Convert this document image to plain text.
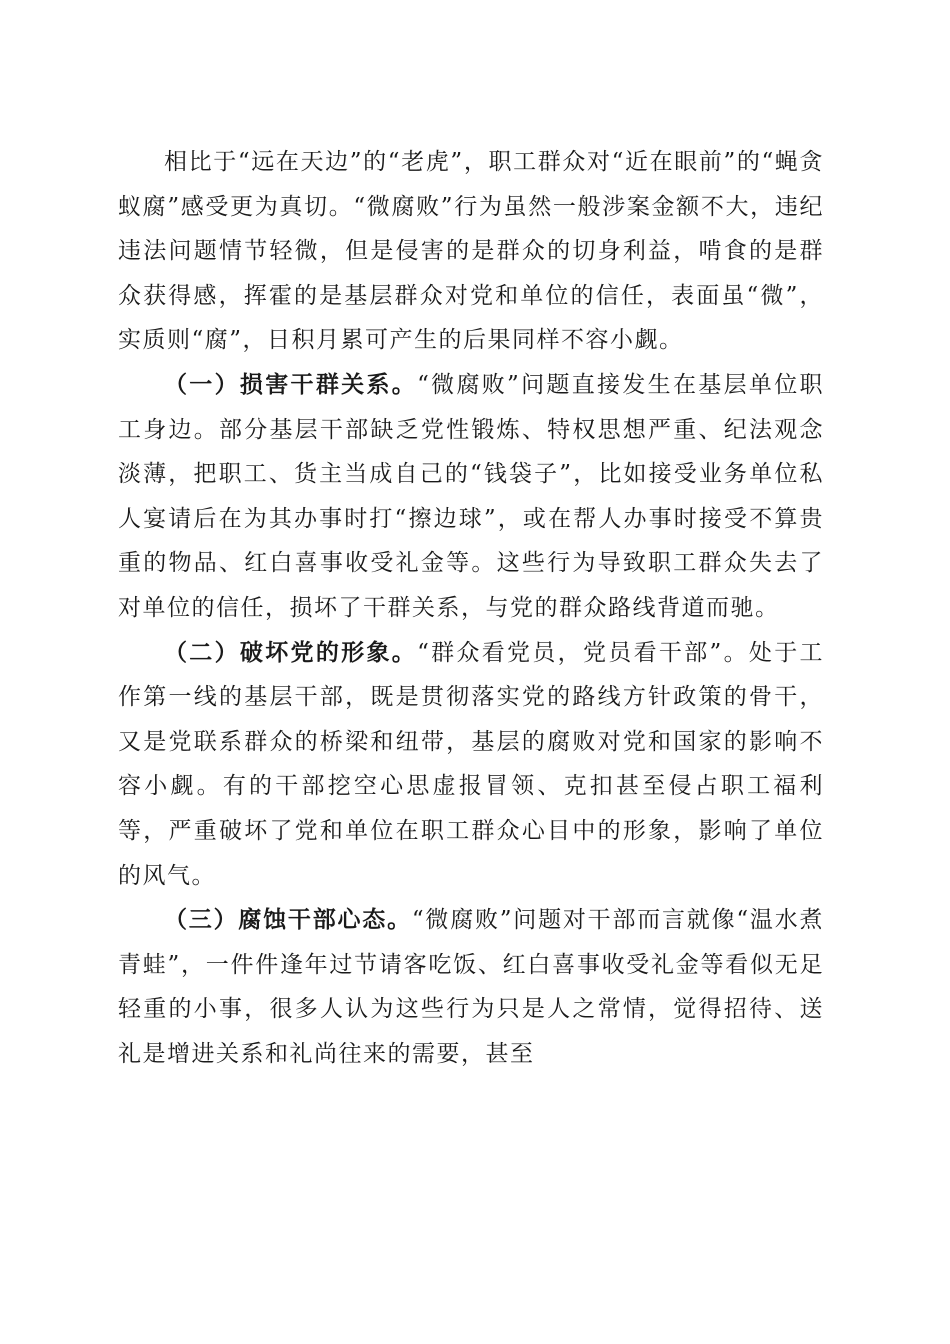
相比于“远在天边”的“老虎”，职工群众对“近在眼前”的“蝇贪蚁腐”感受更为真切。“微腐败”行为虽然一般涉案金额不大，违纪违法问题情节轻微，但是侵害的是群众的切身利益，啃食的是群众获得感，挥霍的是基层群众对党和单位的信任，表面虽“微”，实质则“腐”，日积月累可产生的后果同样不容小觑。

（一）损害干群关系。“微腐败”问题直接发生在基层单位职工身边。部分基层干部缺乏党性锻炼、特权思想严重、纪法观念淡薄，把职工、货主当成自己的“钱袋子”，比如接受业务单位私人宴请后在为其办事时打“擦边球”，或在帮人办事时接受不算贵重的物品、红白喜事收受礼金等。这些行为导致职工群众失去了对单位的信任，损坏了干群关系，与党的群众路线背道而驰。

（二）破坏党的形象。“群众看党员，党员看干部”。处于工作第一线的基层干部，既是贯彻落实党的路线方针政策的骨干，又是党联系群众的桥梁和纽带，基层的腐败对党和国家的影响不容小觑。有的干部挖空心思虚报冒领、克扣甚至侵占职工福利等，严重破坏了党和单位在职工群众心目中的形象，影响了单位的风气。

（三）腐蚀干部心态。“微腐败”问题对干部而言就像“温水煮青蛙”，一件件逢年过节请客吃饭、红白喜事收受礼金等看似无足轻重的小事，很多人认为这些行为只是人之常情，觉得招待、送礼是增进关系和礼尚往来的需要，甚至
